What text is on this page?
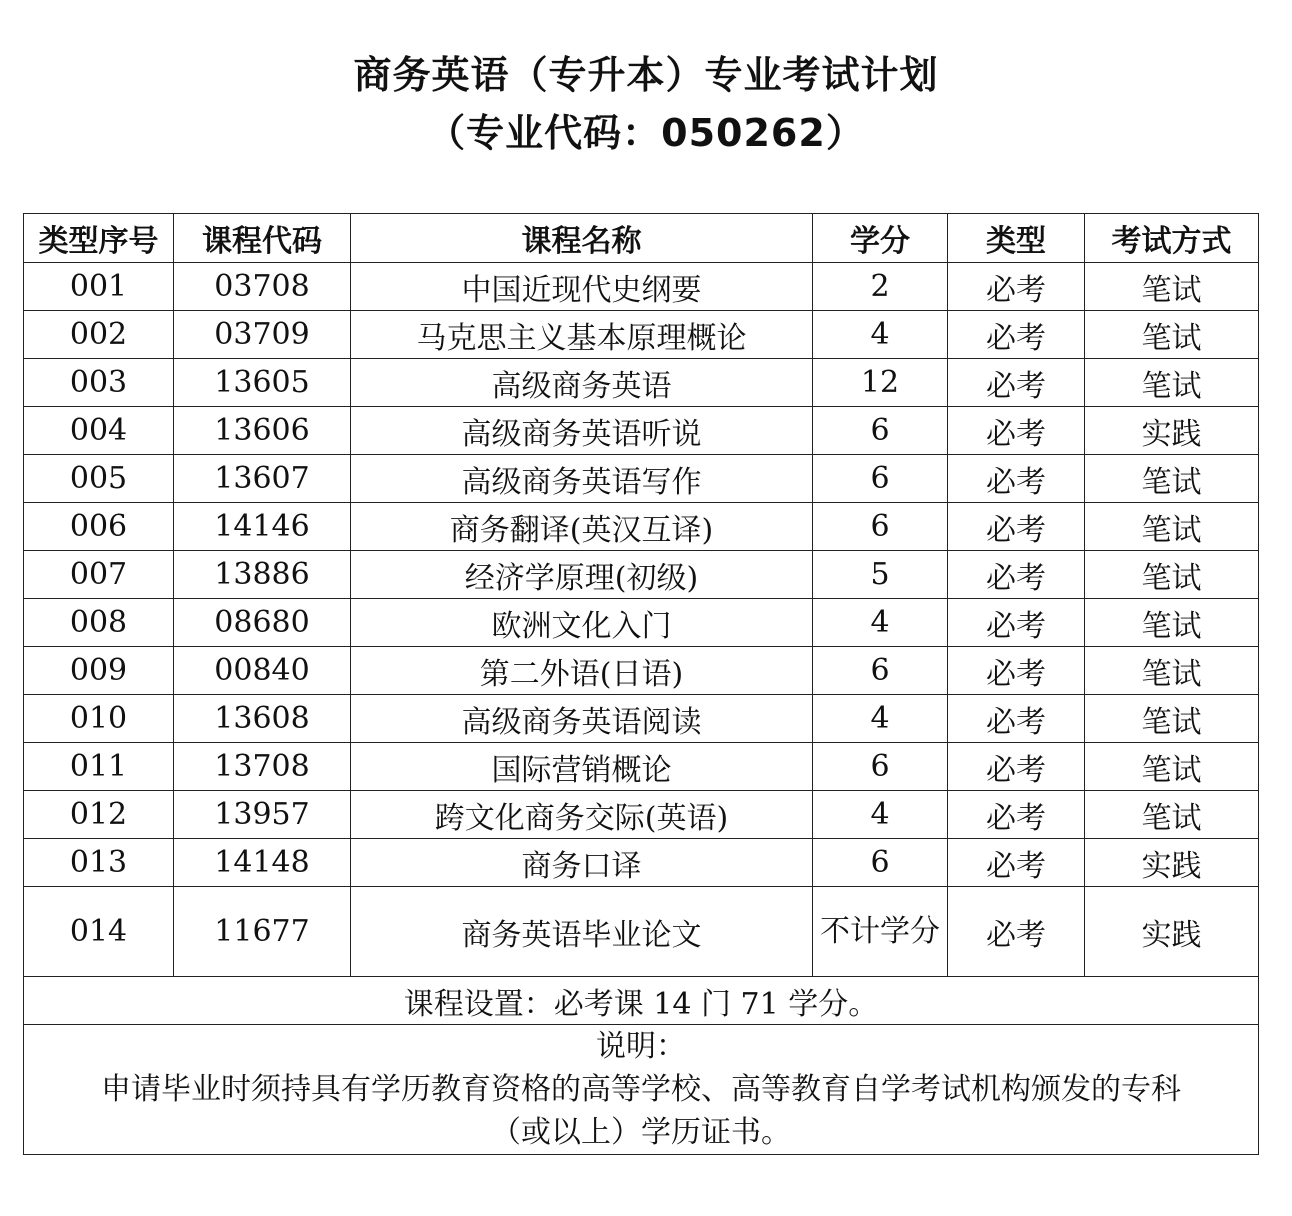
商务英语（专升本）专业考试计划
（专业代码：050262）
类型序号	课程代码	课程名称	学分	类型	考试方式
001	03708	中国近现代史纲要	2	必考	笔试
002	03709	马克思主义基本原理概论	4	必考	笔试
003	13605	高级商务英语	12	必考	笔试
004	13606	高级商务英语听说	6	必考	实践
005	13607	高级商务英语写作	6	必考	笔试
006	14146	商务翻译(英汉互译)	6	必考	笔试
007	13886	经济学原理(初级)	5	必考	笔试
008	08680	欧洲文化入门	4	必考	笔试
009	00840	第二外语(日语)	6	必考	笔试
010	13608	高级商务英语阅读	4	必考	笔试
011	13708	国际营销概论	6	必考	笔试
012	13957	跨文化商务交际(英语)	4	必考	笔试
013	14148	商务口译	6	必考	实践
014	11677	商务英语毕业论文	不计学分	必考	实践
课程设置：必考课 14 门 71 学分。					

说明：
申请毕业时须持具有学历教育资格的高等学校、高等教育自学考试机构颁发的专科
（或以上）学历证书。					
